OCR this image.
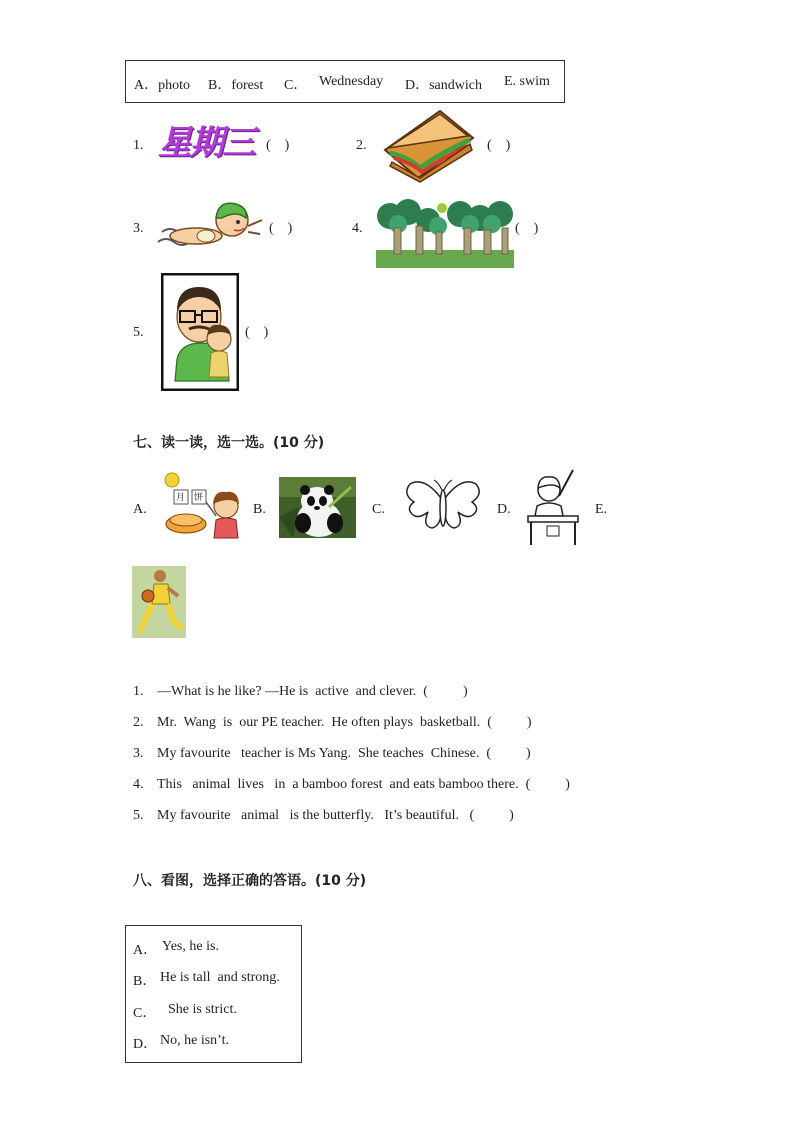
A．photo B．forest C． Wednesday D．sandwich E. swim
1. 星期三 (    )	2.	(    )
3.	(    )	4.	(    )
5.	(    )
七、读一读，选一选。(10 分)
A.
月 饼
B.	C.	D.	E.
1. —What is he like? —He is  active  and clever.  (          )
2. Mr.  Wang  is  our PE teacher.  He often plays  basketball.  (          )
3. My favourite   teacher is Ms Yang.  She teaches  Chinese.  (          )
4. This   animal  lives   in  a bamboo forest  and eats bamboo there.  (          )
5. My favourite   animal   is the butterfly.   It’s beautiful.   (          )
八、看图，选择正确的答语。(10 分)
A． Yes, he is.
B． He is tall  and strong.
C． She is strict.
D． No, he isn’t.
